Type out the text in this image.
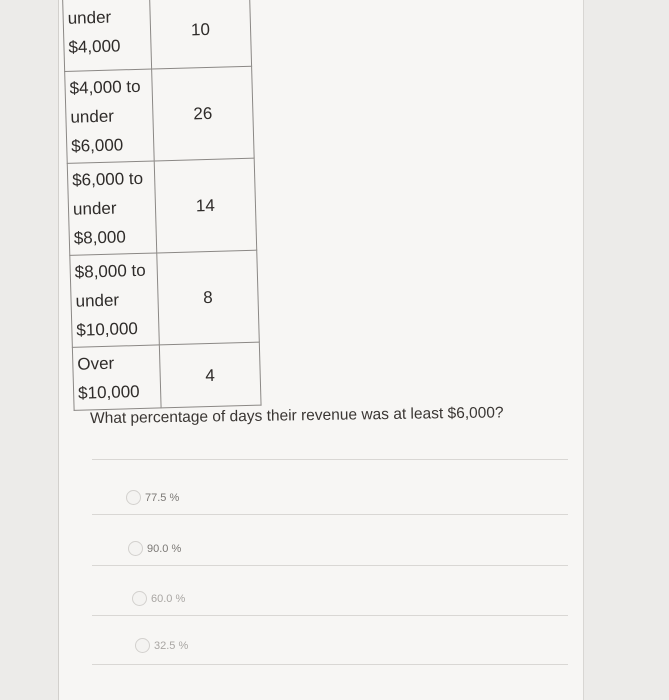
under $4,000	10
$4,000 to under $6,000	26
$6,000 to under $8,000	14
$8,000 to under $10,000	8
Over $10,000	4
What percentage of days their revenue was at least $6,000?
77.5 %
90.0 %
60.0 %
32.5 %
